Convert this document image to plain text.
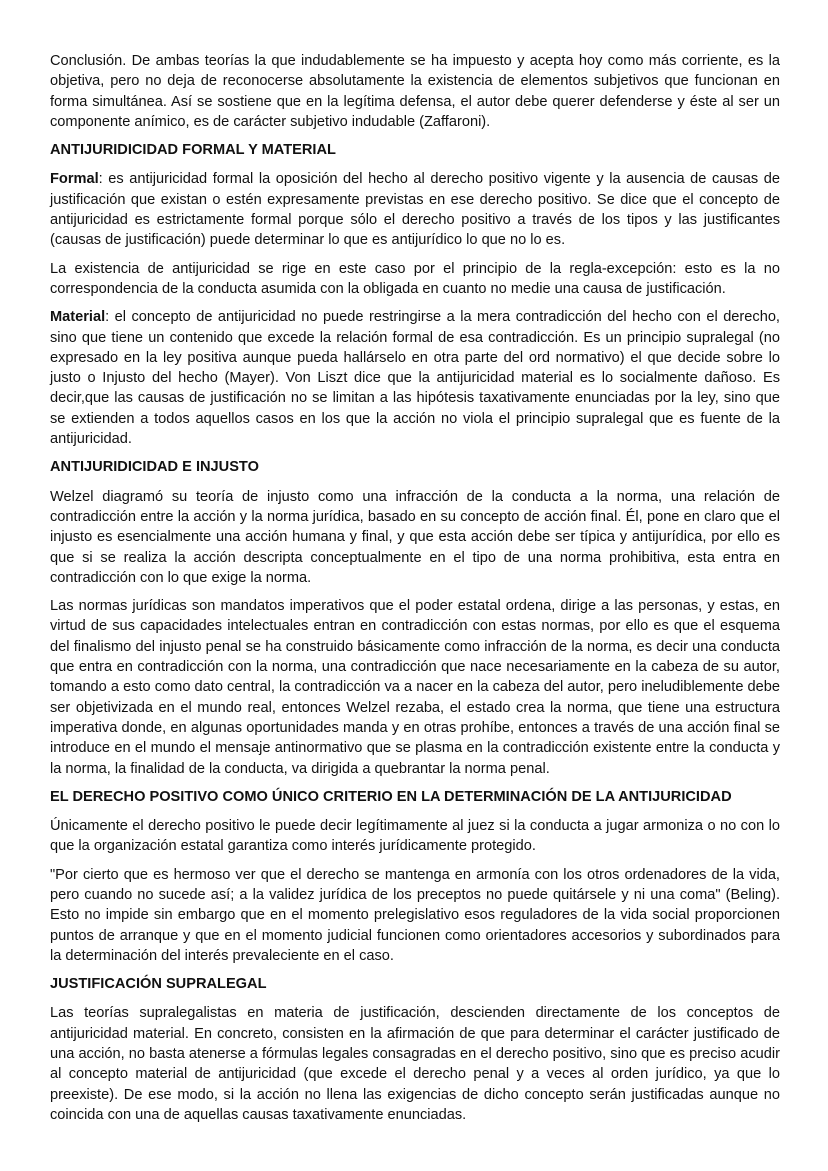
Conclusión. De ambas teorías la que indudablemente se ha impuesto y acepta hoy como más corriente, es la objetiva, pero no deja de reconocerse absolutamente la existencia de elementos subjetivos que funcionan en forma simultánea. Así se sostiene que en la legítima defensa, el autor debe querer defenderse y éste al ser un componente anímico, es de carácter subjetivo indudable (Zaffaroni).

ANTIJURIDICIDAD FORMAL Y MATERIAL

Formal: es antijuricidad formal la oposición del hecho al derecho positivo vigente y la ausencia de causas de justificación que existan o estén expresamente previstas en ese derecho positivo. Se dice que el concepto de antijuricidad es estrictamente formal porque sólo el derecho positivo a través de los tipos y las justificantes (causas de justificación) puede determinar lo que es antijurídico lo que no lo es.

La existencia de antijuricidad se rige en este caso por el principio de la regla-excepción: esto es la no correspondencia de la conducta asumida con la obligada en cuanto no medie una causa de justificación.

Material: el concepto de antijuricidad no puede restringirse a la mera contradicción del hecho con el derecho, sino que tiene un contenido que excede la relación formal de esa contradicción. Es un principio supralegal (no expresado en la ley positiva aunque pueda hallárselo en otra parte del ord normativo) el que decide sobre lo justo o Injusto del hecho (Mayer). Von Liszt dice que la antijuricidad material es lo socialmente dañoso. Es decir,que las causas de justificación no se limitan a las hipótesis taxativamente enunciadas por la ley, sino que se extienden a todos aquellos casos en los que la acción no viola el principio supralegal que es fuente de la antijuricidad.

ANTIJURIDICIDAD E INJUSTO

Welzel diagramó su teoría de injusto como una infracción de la conducta a la norma, una relación de contradicción entre la acción y la norma jurídica, basado en su concepto de acción final. Él, pone en claro que el injusto es esencialmente una acción humana y final, y que esta acción debe ser típica y antijurídica, por ello es que si se realiza la acción descripta conceptualmente en el tipo de una norma prohibitiva, esta entra en contradicción con lo que exige la norma.

Las normas jurídicas son mandatos imperativos que el poder estatal ordena, dirige a las personas, y estas, en virtud de sus capacidades intelectuales entran en contradicción con estas normas, por ello es que el esquema del finalismo del injusto penal se ha construido básicamente como infracción de la norma, es decir una conducta que entra en contradicción con la norma, una contradicción que nace necesariamente en la cabeza de su autor, tomando a esto como dato central, la contradicción va a nacer en la cabeza del autor, pero ineludiblemente debe ser objetivizada en el mundo real, entonces Welzel rezaba, el estado crea la norma, que tiene una estructura imperativa donde, en algunas oportunidades manda y en otras prohíbe, entonces a través de una acción final se introduce en el mundo el mensaje antinormativo que se plasma en la contradicción existente entre la conducta y la norma, la finalidad de la conducta, va dirigida a quebrantar la norma penal.

EL DERECHO POSITIVO COMO ÚNICO CRITERIO EN LA DETERMINACIÓN DE LA ANTIJURICIDAD

Únicamente el derecho positivo le puede decir legítimamente al juez si la conducta a jugar armoniza o no con lo que la organización estatal garantiza como interés jurídicamente protegido.

"Por cierto que es hermoso ver que el derecho se mantenga en armonía con los otros ordenadores de la vida, pero cuando no sucede así; a la validez jurídica de los preceptos no puede quitársele y ni una coma" (Beling). Esto no impide sin embargo que en el momento prelegislativo esos reguladores de la vida social proporcionen puntos de arranque y que en el momento judicial funcionen como orientadores accesorios y subordinados para la determinación del interés prevaleciente en el caso.

JUSTIFICACIÓN SUPRALEGAL

Las teorías supralegalistas en materia de justificación, descienden directamente de los conceptos de antijuricidad material. En concreto, consisten en la afirmación de que para determinar el carácter justificado de una acción, no basta atenerse a fórmulas legales consagradas en el derecho positivo, sino que es preciso acudir al concepto material de antijuricidad (que excede el derecho penal y a veces al orden jurídico, ya que lo preexiste). De ese modo, si la acción no llena las exigencias de dicho concepto serán justificadas aunque no coincida con una de aquellas causas taxativamente enunciadas.
